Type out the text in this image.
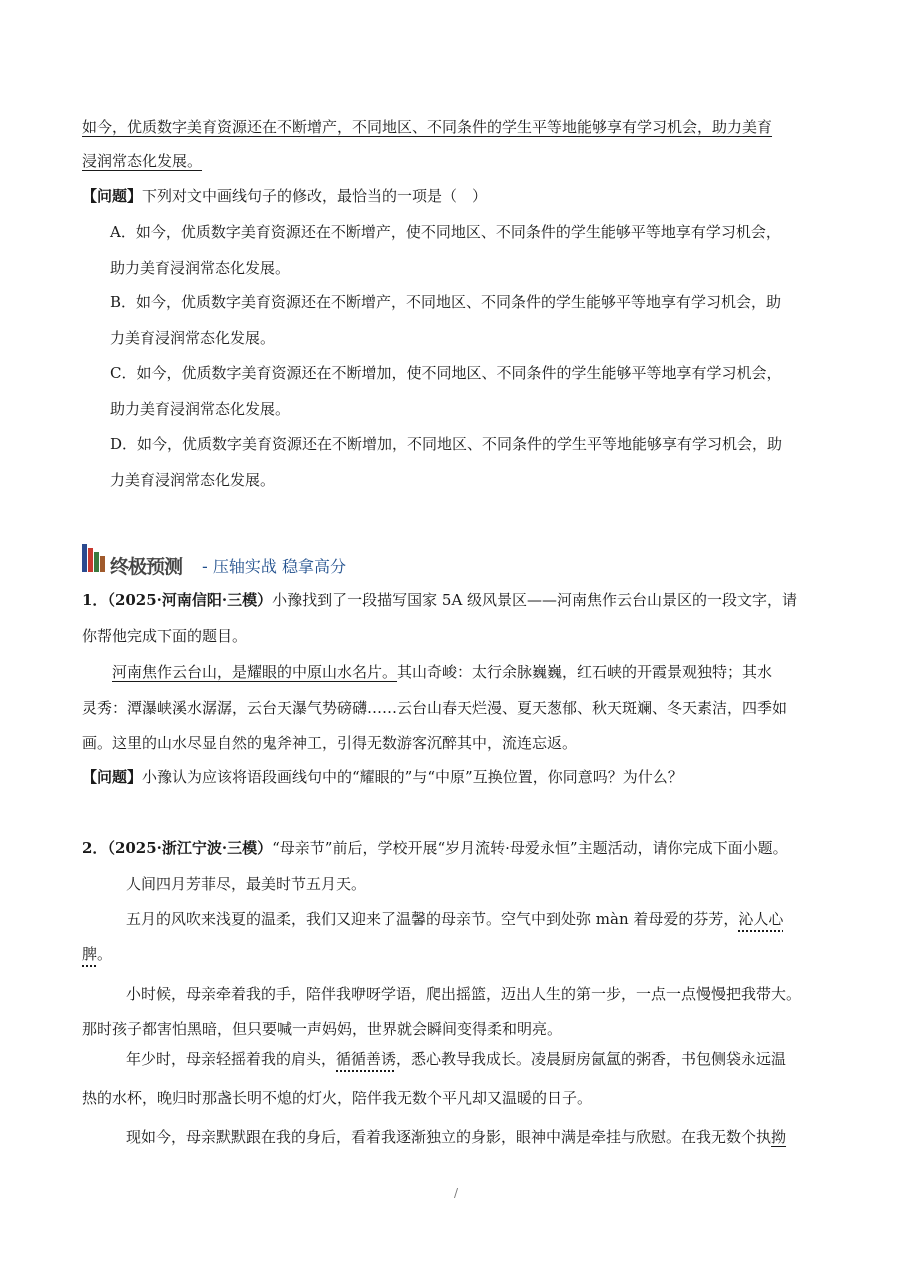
如今，优质数字美育资源还在不断增产，不同地区、不同条件的学生平等地能够享有学习机会，助力美育
浸润常态化发展。
【问题】下列对文中画线句子的修改，最恰当的一项是（　）
A．如今，优质数字美育资源还在不断增产，使不同地区、不同条件的学生能够平等地享有学习机会，
助力美育浸润常态化发展。
B．如今，优质数字美育资源还在不断增产，不同地区、不同条件的学生能够平等地享有学习机会，助
力美育浸润常态化发展。
C．如今，优质数字美育资源还在不断增加，使不同地区、不同条件的学生能够平等地享有学习机会，
助力美育浸润常态化发展。
D．如今，优质数字美育资源还在不断增加，不同地区、不同条件的学生平等地能够享有学习机会，助
力美育浸润常态化发展。
终极预测 - 压轴实战 稳拿高分
1．（2025·河南信阳·三模）小豫找到了一段描写国家 5A 级风景区——河南焦作云台山景区的一段文字，请
你帮他完成下面的题目。
河南焦作云台山，是耀眼的中原山水名片。其山奇峻：太行余脉巍巍，红石峡的开霞景观独特；其水
灵秀：潭瀑峡溪水潺潺，云台天瀑气势磅礴……云台山春天烂漫、夏天葱郁、秋天斑斓、冬天素洁，四季如
画。这里的山水尽显自然的鬼斧神工，引得无数游客沉醉其中，流连忘返。
【问题】小豫认为应该将语段画线句中的“耀眼的”与“中原”互换位置，你同意吗？为什么？
2．（2025·浙江宁波·三模）“母亲节”前后，学校开展“岁月流转·母爱永恒”主题活动，请你完成下面小题。
人间四月芳菲尽，最美时节五月天。
五月的风吹来浅夏的温柔，我们又迎来了温馨的母亲节。空气中到处弥 màn 着母爱的芬芳，沁人心
脾。
小时候，母亲牵着我的手，陪伴我咿呀学语，爬出摇篮，迈出人生的第一步，一点一点慢慢把我带大。
那时孩子都害怕黑暗，但只要喊一声妈妈，世界就会瞬间变得柔和明亮。
年少时，母亲轻摇着我的肩头，循循善诱，悉心教导我成长。凌晨厨房氤氲的粥香，书包侧袋永远温
热的水杯，晚归时那盏长明不熄的灯火，陪伴我无数个平凡却又温暖的日子。
现如今，母亲默默跟在我的身后，看着我逐渐独立的身影，眼神中满是牵挂与欣慰。在我无数个执拗
/
